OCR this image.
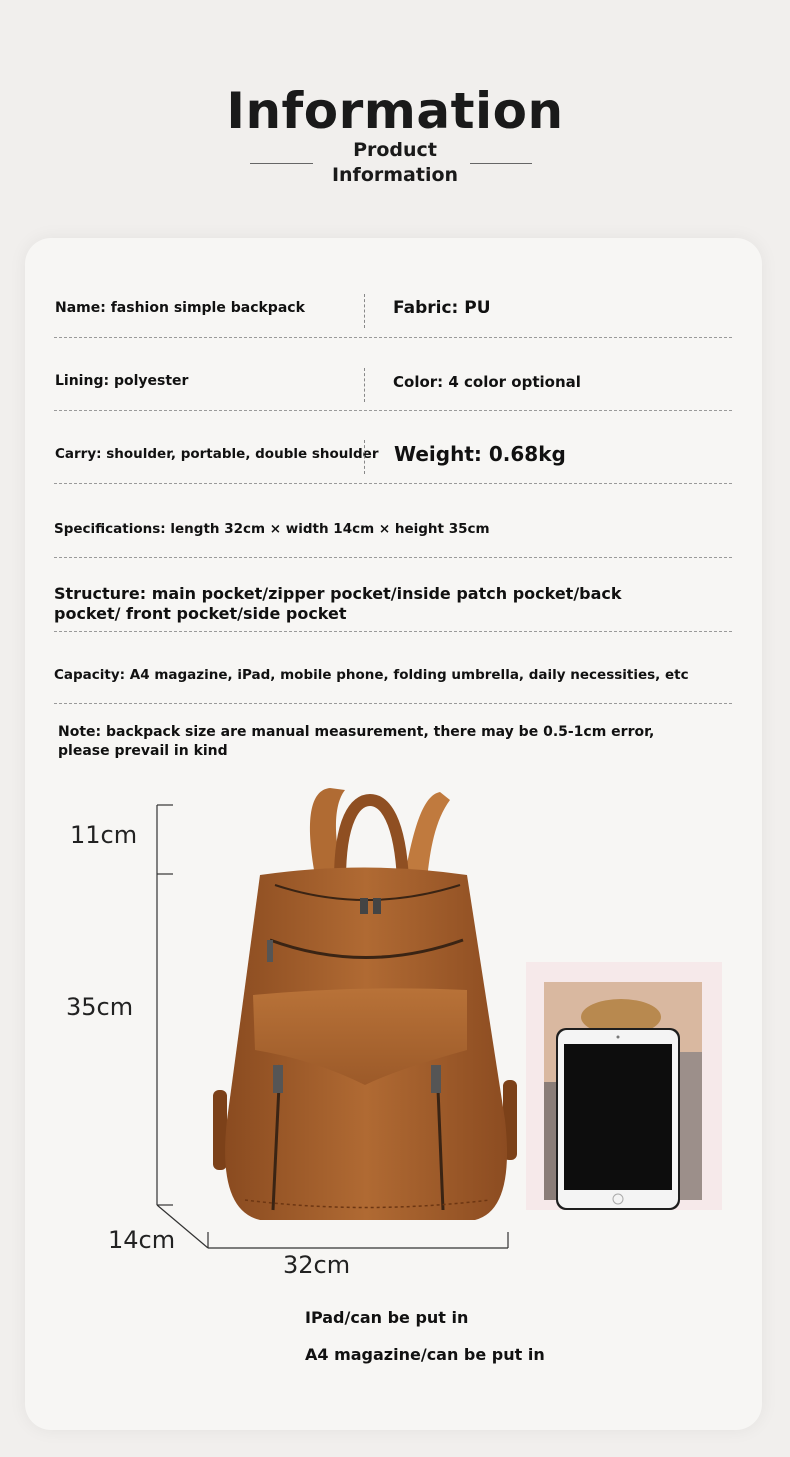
Information
Product Information
Name: fashion simple backpack	Fabric: PU
Lining: polyester	Color: 4 color optional
Carry: shoulder, portable, double shoulder Weight: 0.68kg
Specifications: length 32cm × width 14cm × height 35cm
Structure: main pocket/zipper pocket/inside patch pocket/back pocket/ front pocket/side pocket
Capacity: A4 magazine, iPad, mobile phone, folding umbrella, daily necessities, etc
Note: backpack size are manual measurement, there may be 0.5-1cm error, please prevail in kind
11cm
35cm
14cm
32cm
IPad/can be put in
A4 magazine/can be put in
